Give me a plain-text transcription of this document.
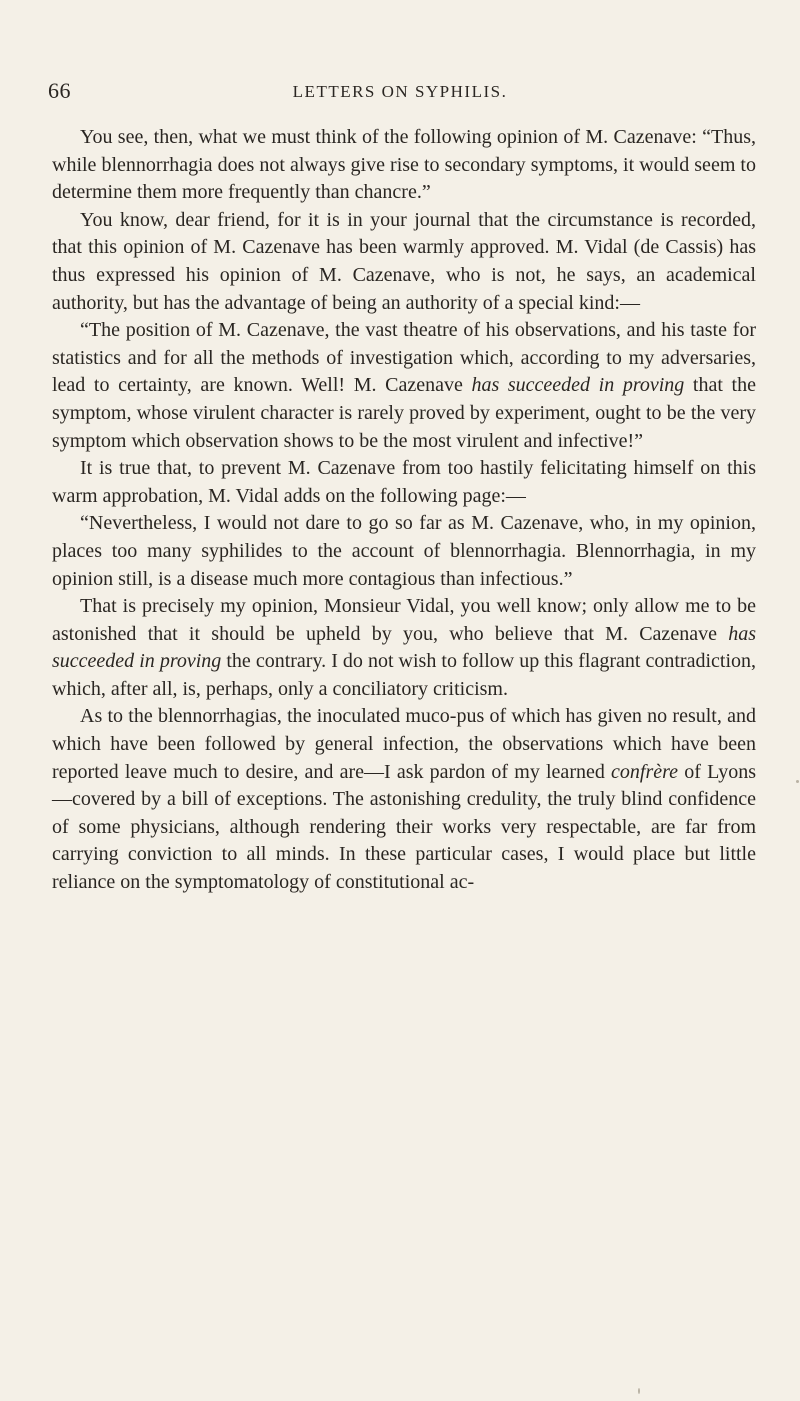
66	LETTERS ON SYPHILIS.

You see, then, what we must think of the following opinion of M. Cazenave: “Thus, while blennorrhagia does not always give rise to secondary symptoms, it would seem to determine them more frequently than chancre.”

You know, dear friend, for it is in your journal that the circumstance is recorded, that this opinion of M. Cazenave has been warmly approved. M. Vidal (de Cassis) has thus expressed his opinion of M. Cazenave, who is not, he says, an academical authority, but has the advantage of being an authority of a special kind:—

“The position of M. Cazenave, the vast theatre of his observations, and his taste for statistics and for all the methods of investigation which, according to my adversaries, lead to certainty, are known. Well! M. Cazenave has succeeded in proving that the symptom, whose virulent character is rarely proved by experiment, ought to be the very symptom which observation shows to be the most virulent and infective!”

It is true that, to prevent M. Cazenave from too hastily felicitating himself on this warm approbation, M. Vidal adds on the following page:—

“Nevertheless, I would not dare to go so far as M. Cazenave, who, in my opinion, places too many syphilides to the account of blennorrhagia. Blennorrhagia, in my opinion still, is a disease much more contagious than infectious.”

That is precisely my opinion, Monsieur Vidal, you well know; only allow me to be astonished that it should be upheld by you, who believe that M. Cazenave has succeeded in proving the contrary. I do not wish to follow up this flagrant contradiction, which, after all, is, perhaps, only a conciliatory criticism.

As to the blennorrhagias, the inoculated muco-pus of which has given no result, and which have been followed by general infection, the observations which have been reported leave much to desire, and are—I ask pardon of my learned confrère of Lyons—covered by a bill of exceptions. The astonishing credulity, the truly blind confidence of some physicians, although rendering their works very respectable, are far from carrying conviction to all minds. In these particular cases, I would place but little reliance on the symptomatology of constitutional ac-
